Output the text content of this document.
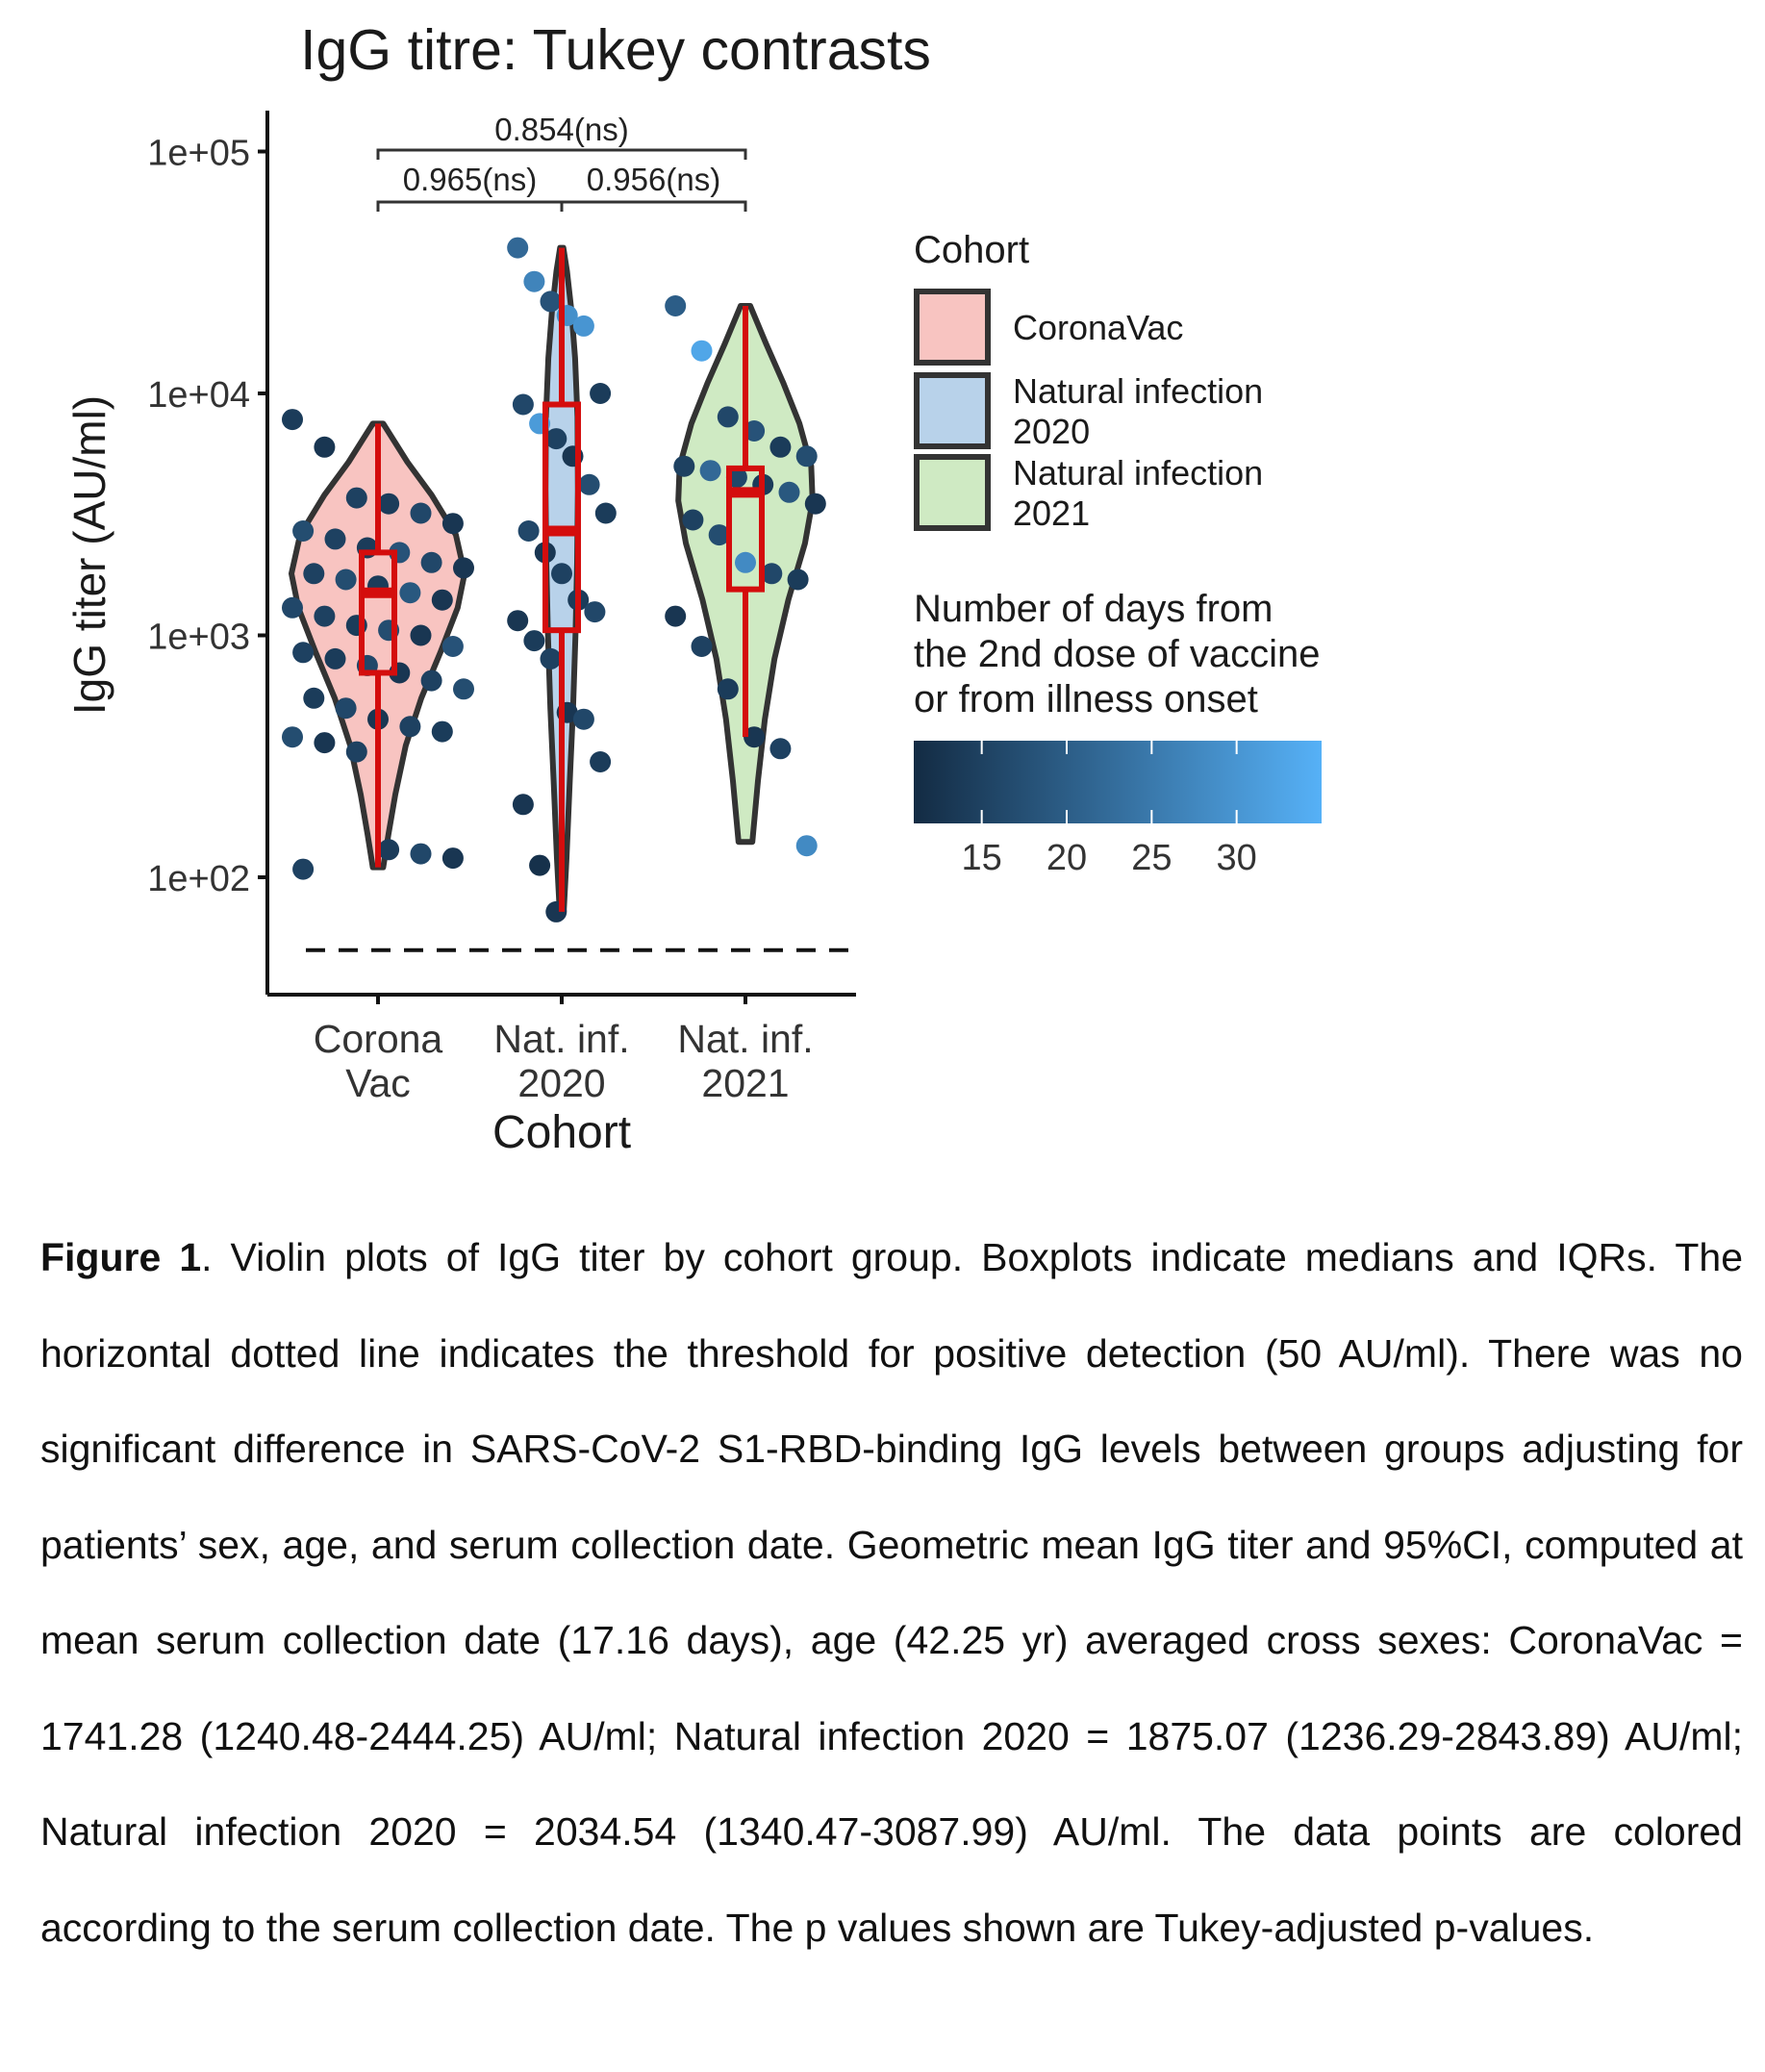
IgG titre: Tukey contrasts
IgG titer (AU/ml)
Cohort
1e+02
1e+03
1e+04
1e+05
Corona
Vac
Nat. inf.
2020
Nat. inf.
2021
0.854(ns)
0.965(ns) 0.956(ns)
Cohort
CoronaVac
Natural infection
2020
Natural infection
2021
Number of days from
the 2nd dose of vaccine
or from illness onset
15 20 25 30
Figure 1. Violin plots of IgG titer by cohort group. Boxplots indicate medians and IQRs. The horizontal dotted line indicates the threshold for positive detection (50 AU/ml). There was no significant difference in SARS-CoV-2 S1-RBD-binding IgG levels between groups adjusting for patients’ sex, age, and serum collection date. Geometric mean IgG titer and 95%CI, computed at mean serum collection date (17.16 days), age (42.25 yr) averaged cross sexes: CoronaVac = 1741.28 (1240.48-2444.25) AU/ml; Natural infection 2020 = 1875.07 (1236.29-2843.89) AU/ml; Natural infection 2020 = 2034.54 (1340.47-3087.99) AU/ml. The data points are colored according to the serum collection date. The p values shown are Tukey-adjusted p-values.
